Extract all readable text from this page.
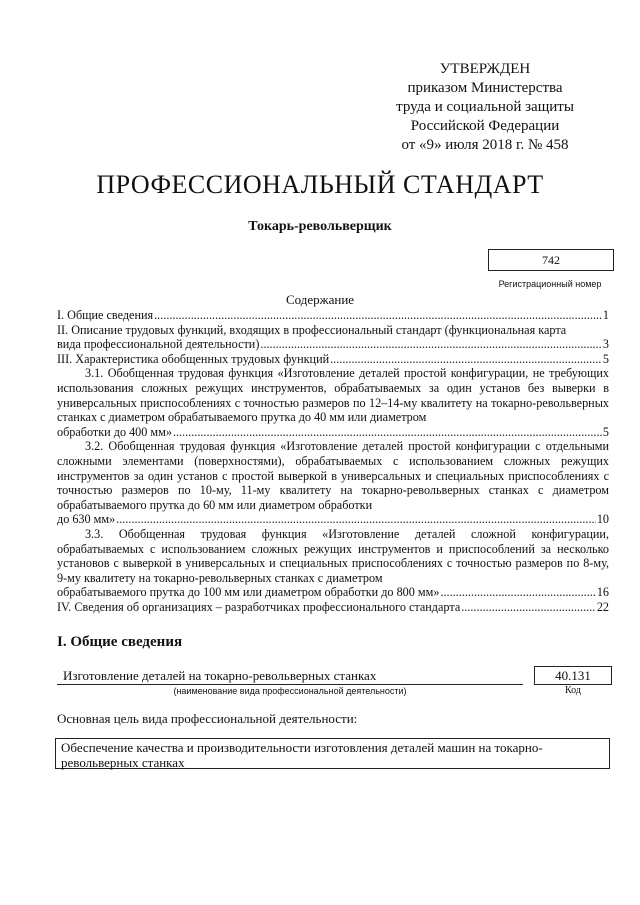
УТВЕРЖДЕН
приказом Министерства
труда и социальной защиты
Российской Федерации
от «9» июля 2018 г. № 458
ПРОФЕССИОНАЛЬНЫЙ СТАНДАРТ
Токарь-револьверщик
742
Регистрационный номер
Содержание
I. Общие сведения .....	1
II. Описание трудовых функций, входящих в профессиональный стандарт (функциональная карта
вида профессиональной деятельности) .....	3
III. Характеристика обобщенных трудовых функций .....	5
3.1. Обобщенная трудовая функция «Изготовление деталей простой конфигурации, не требующих использования сложных режущих инструментов, обрабатываемых за один установ без выверки в универсальных приспособлениях с точностью размеров по 12–14-му квалитету на токарно-револьверных станках с диаметром обрабатываемого прутка до 40 мм или диаметром
обработки до 400 мм» .....	5
3.2. Обобщенная трудовая функция «Изготовление деталей простой конфигурации с отдельными сложными элементами (поверхностями), обрабатываемых с использованием сложных режущих инструментов за один установ с простой выверкой в универсальных и специальных приспособлениях с точностью размеров по 10-му, 11-му квалитету на токарно-револьверных станках с диаметром обрабатываемого прутка до 60 мм или диаметром обработки
до 630 мм» .....	10
3.3. Обобщенная трудовая функция «Изготовление деталей сложной конфигурации, обрабатываемых с использованием сложных режущих инструментов и приспособлений за несколько установов с выверкой в универсальных и специальных приспособлениях с точностью размеров по 8-му, 9-му квалитету на токарно-револьверных станках с диаметром
обрабатываемого прутка до 100 мм или диаметром обработки до 800 мм» .....	16
IV. Сведения об организациях – разработчиках профессионального стандарта .....	22
I. Общие сведения
Изготовление деталей на токарно-револьверных станках
(наименование вида профессиональной деятельности)
40.131
Код
Основная цель вида профессиональной деятельности:
Обеспечение качества и производительности изготовления деталей машин на токарно-револьверных станках
